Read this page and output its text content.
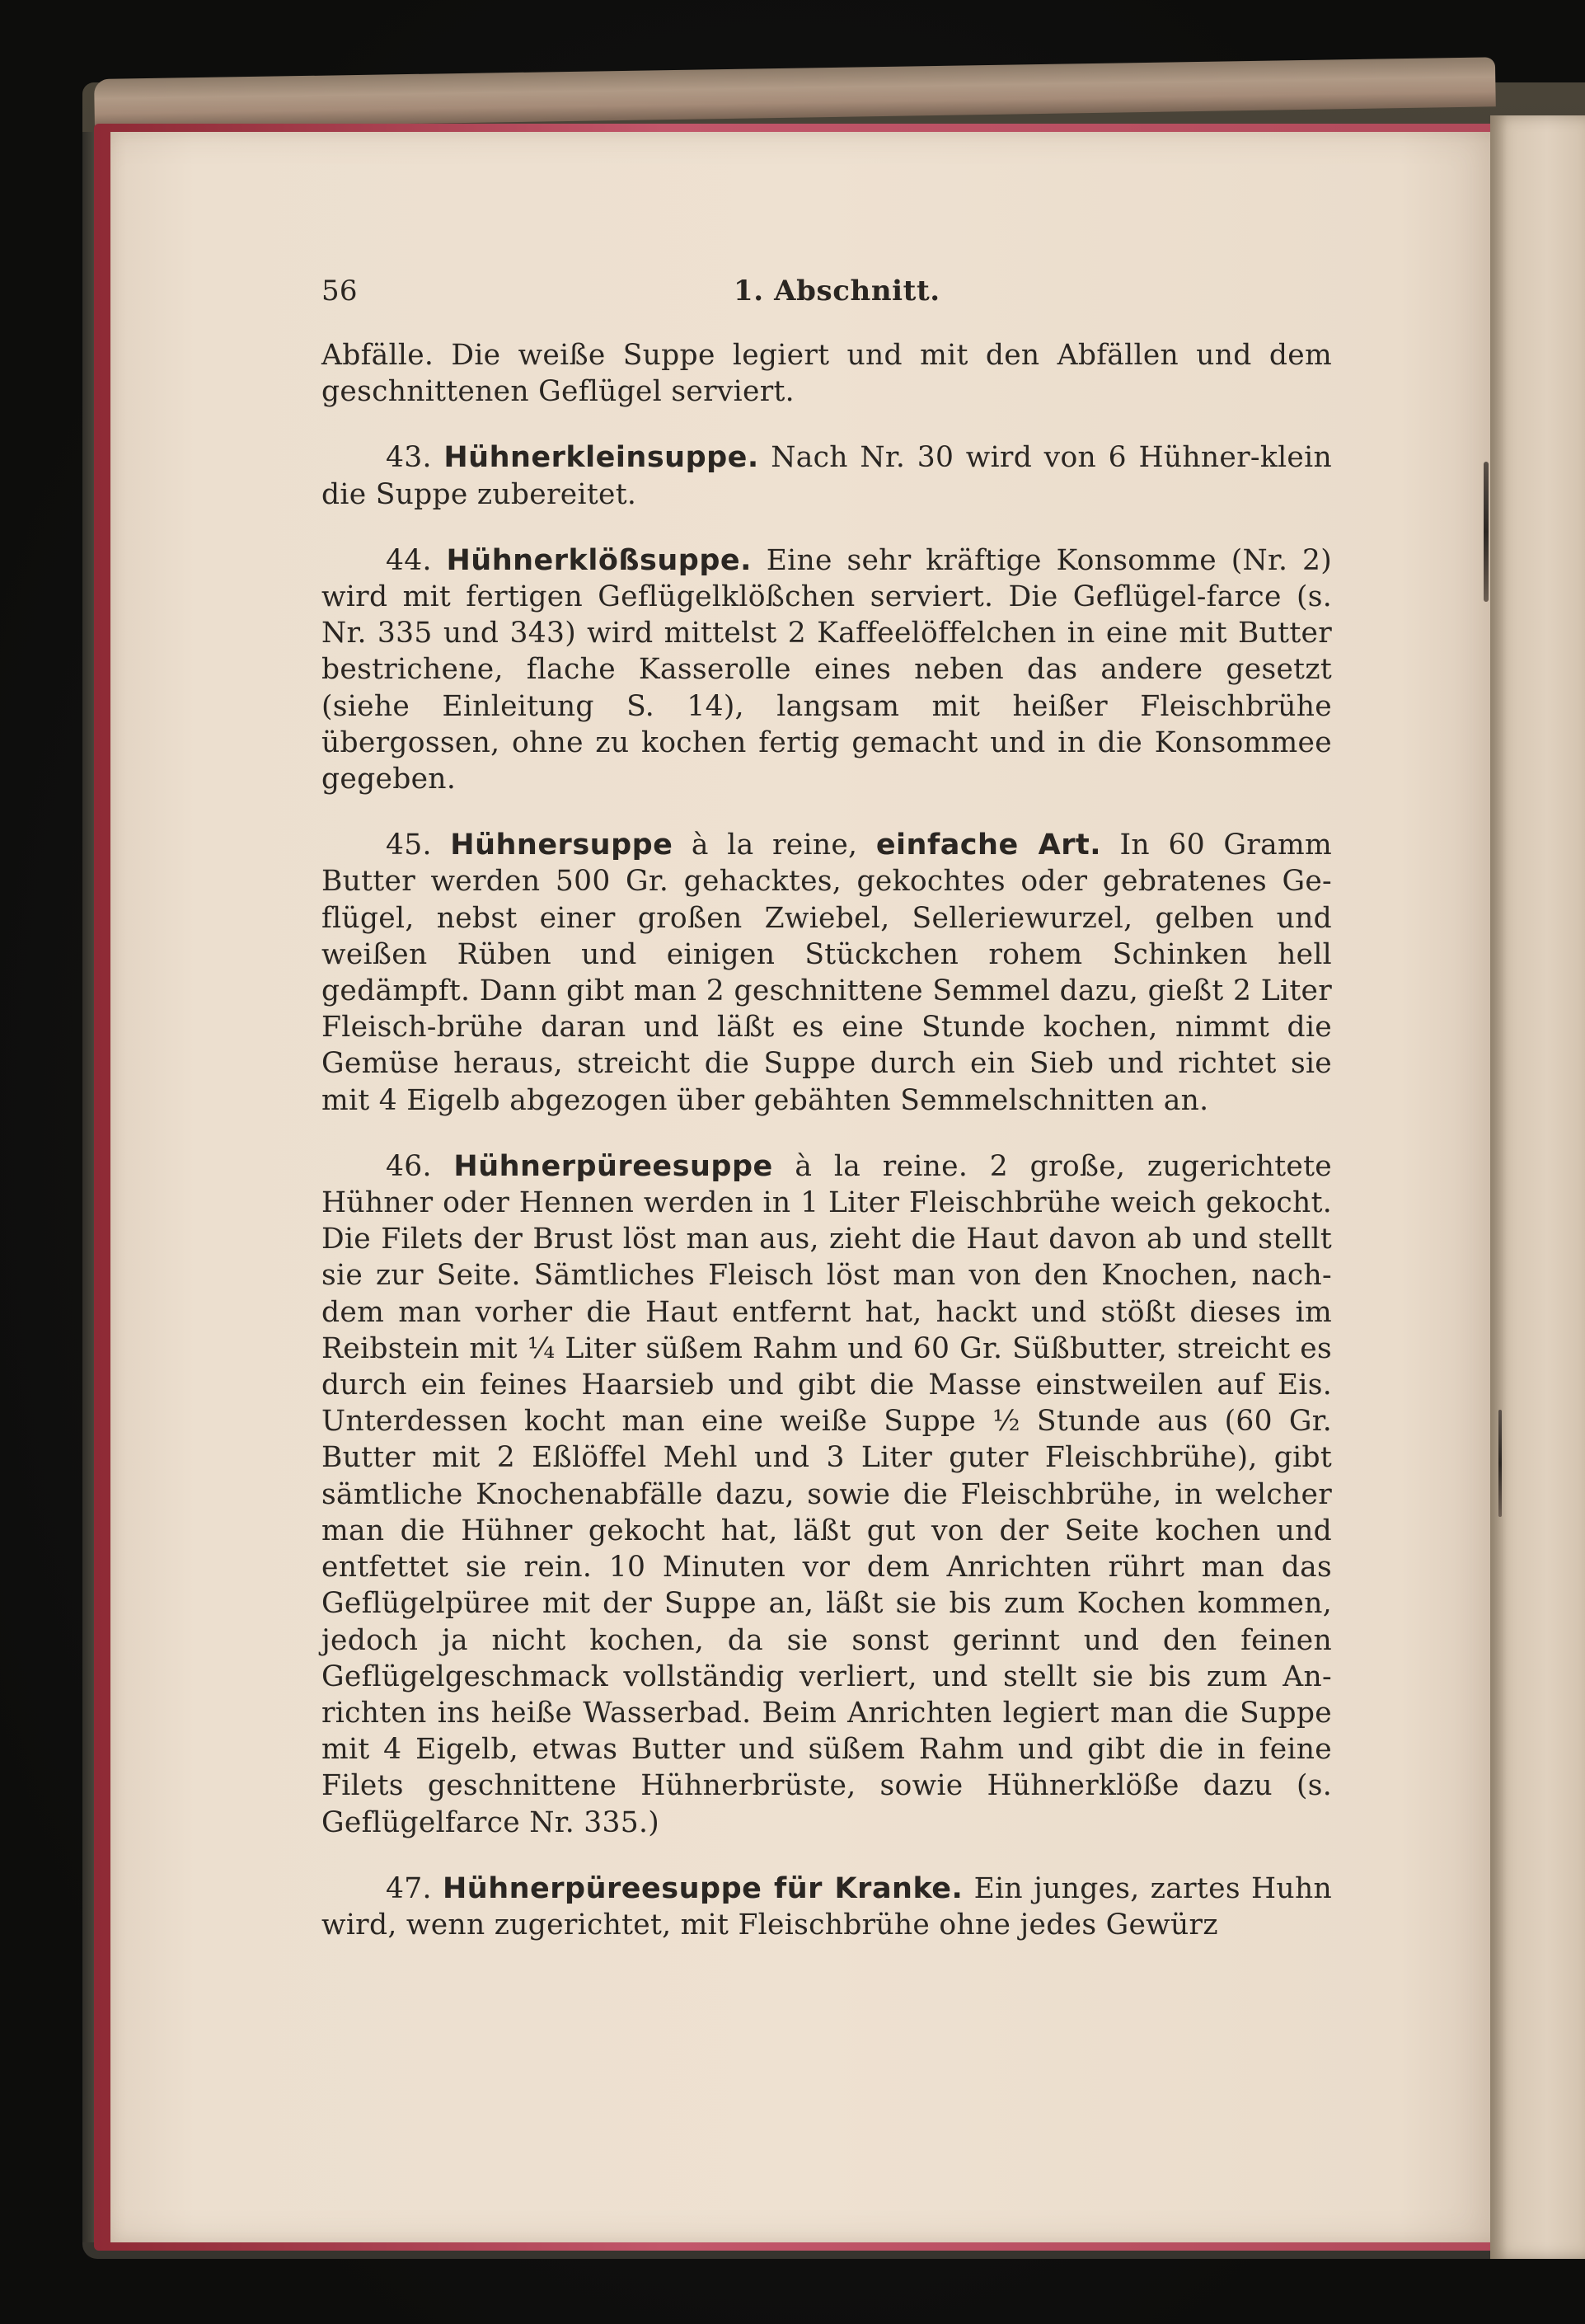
56	1. Abschnitt.

Abfälle. Die weiße Suppe legiert und mit den Abfällen und dem geschnittenen Geflügel serviert.

43. Hühnerkleinsuppe. Nach Nr. 30 wird von 6 Hühner-klein die Suppe zubereitet.

44. Hühnerklößsuppe. Eine sehr kräftige Konsomme (Nr. 2) wird mit fertigen Geflügelklößchen serviert. Die Geflügel-farce (s. Nr. 335 und 343) wird mittelst 2 Kaffeelöffelchen in eine mit Butter bestrichene, flache Kasserolle eines neben das andere gesetzt (siehe Einleitung S. 14), langsam mit heißer Fleischbrühe übergossen, ohne zu kochen fertig gemacht und in die Konsommee gegeben.

45. Hühnersuppe à la reine, einfache Art. In 60 Gramm Butter werden 500 Gr. gehacktes, gekochtes oder gebratenes Ge-flügel, nebst einer großen Zwiebel, Selleriewurzel, gelben und weißen Rüben und einigen Stückchen rohem Schinken hell gedämpft. Dann gibt man 2 geschnittene Semmel dazu, gießt 2 Liter Fleisch-brühe daran und läßt es eine Stunde kochen, nimmt die Gemüse heraus, streicht die Suppe durch ein Sieb und richtet sie mit 4 Eigelb abgezogen über gebähten Semmelschnitten an.

46. Hühnerpüreesuppe à la reine. 2 große, zugerichtete Hühner oder Hennen werden in 1 Liter Fleischbrühe weich gekocht. Die Filets der Brust löst man aus, zieht die Haut davon ab und stellt sie zur Seite. Sämtliches Fleisch löst man von den Knochen, nach-dem man vorher die Haut entfernt hat, hackt und stößt dieses im Reibstein mit ¼ Liter süßem Rahm und 60 Gr. Süßbutter, streicht es durch ein feines Haarsieb und gibt die Masse einstweilen auf Eis. Unterdessen kocht man eine weiße Suppe ½ Stunde aus (60 Gr. Butter mit 2 Eßlöffel Mehl und 3 Liter guter Fleischbrühe), gibt sämtliche Knochenabfälle dazu, sowie die Fleischbrühe, in welcher man die Hühner gekocht hat, läßt gut von der Seite kochen und entfettet sie rein. 10 Minuten vor dem Anrichten rührt man das Geflügelpüree mit der Suppe an, läßt sie bis zum Kochen kommen, jedoch ja nicht kochen, da sie sonst gerinnt und den feinen Geflügelgeschmack vollständig verliert, und stellt sie bis zum An-richten ins heiße Wasserbad. Beim Anrichten legiert man die Suppe mit 4 Eigelb, etwas Butter und süßem Rahm und gibt die in feine Filets geschnittene Hühnerbrüste, sowie Hühnerklöße dazu (s. Geflügelfarce Nr. 335.)

47. Hühnerpüreesuppe für Kranke. Ein junges, zartes Huhn wird, wenn zugerichtet, mit Fleischbrühe ohne jedes Gewürz
